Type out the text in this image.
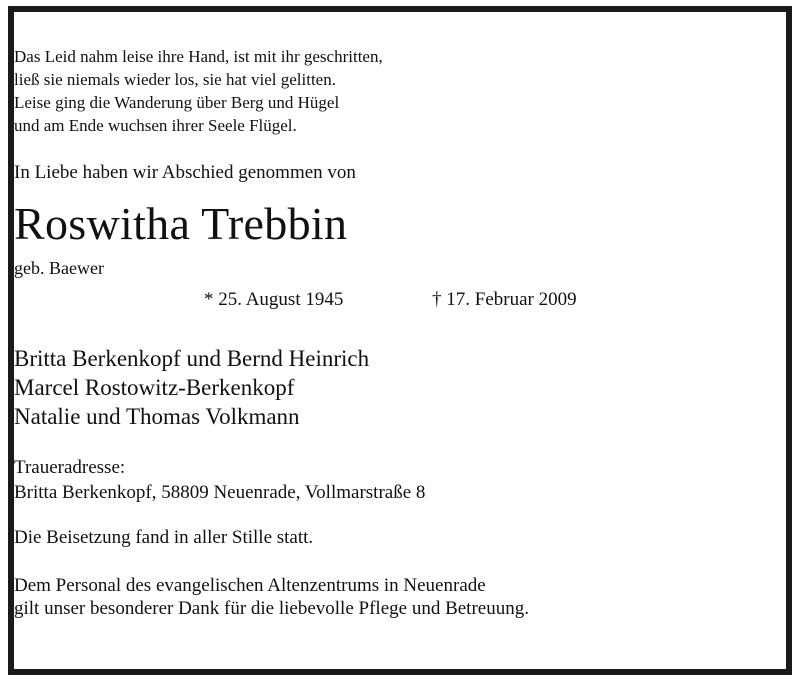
Das Leid nahm leise ihre Hand, ist mit ihr geschritten,
ließ sie niemals wieder los, sie hat viel gelitten.
Leise ging die Wanderung über Berg und Hügel
und am Ende wuchsen ihrer Seele Flügel.
In Liebe haben wir Abschied genommen von
Roswitha Trebbin
geb. Baewer
* 25. August 1945	† 17. Februar 2009
Britta Berkenkopf und Bernd Heinrich
Marcel Rostowitz-Berkenkopf
Natalie und Thomas Volkmann
Traueradresse:
Britta Berkenkopf, 58809 Neuenrade, Vollmarstraße 8
Die Beisetzung fand in aller Stille statt.
Dem Personal des evangelischen Altenzentrums in Neuenrade
gilt unser besonderer Dank für die liebevolle Pflege und Betreuung.
